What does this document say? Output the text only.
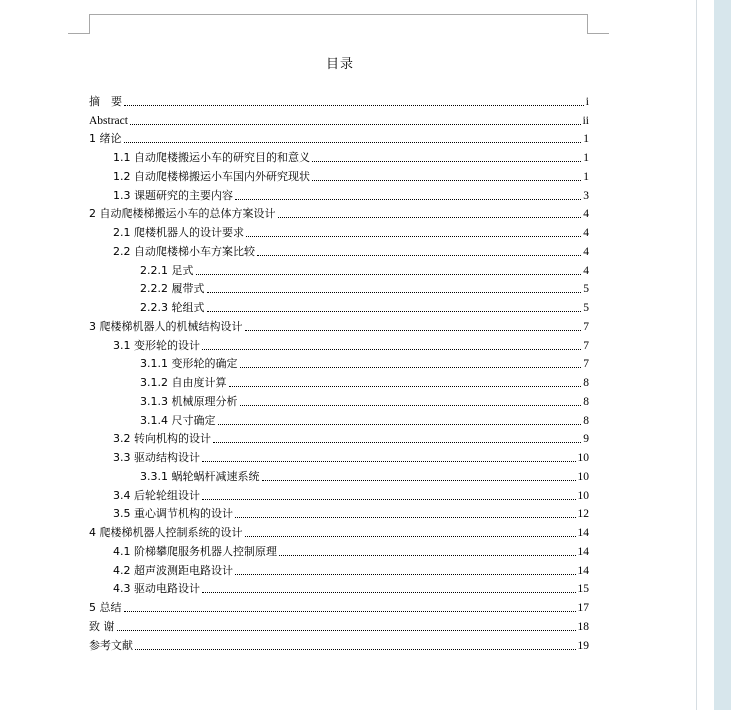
目录
摘　要	i
Abstract	ii
1 绪论	1
1.1 自动爬楼搬运小车的研究目的和意义	1
1.2 自动爬楼梯搬运小车国内外研究现状	1
1.3 课题研究的主要内容	3
2 自动爬楼梯搬运小车的总体方案设计	4
2.1 爬楼机器人的设计要求	4
2.2 自动爬楼梯小车方案比较	4
2.2.1 足式	4
2.2.2 履带式	5
2.2.3 轮组式	5
3 爬楼梯机器人的机械结构设计	7
3.1 变形轮的设计	7
3.1.1 变形轮的确定	7
3.1.2 自由度计算	8
3.1.3 机械原理分析	8
3.1.4 尺寸确定	8
3.2 转向机构的设计	9
3.3 驱动结构设计	10
3.3.1 蜗轮蜗杆减速系统	10
3.4 后轮轮组设计	10
3.5 重心调节机构的设计	12
4 爬楼梯机器人控制系统的设计	14
4.1 阶梯攀爬服务机器人控制原理	14
4.2 超声波测距电路设计	14
4.3 驱动电路设计	15
5 总结	17
致 谢	18
参考文献	19
